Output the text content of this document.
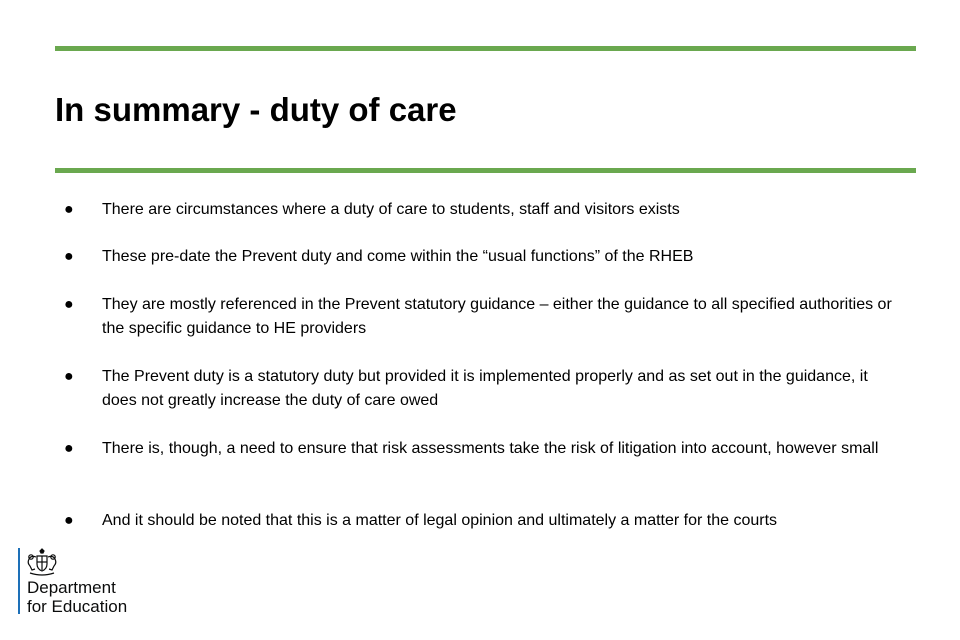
In summary - duty of care
●	There are circumstances where a duty of care to students, staff and visitors exists
●	These pre-date the Prevent duty and come within the “usual functions” of the RHEB
●	They are mostly referenced in the Prevent statutory guidance – either the guidance to all specified authorities or the specific guidance to HE providers
●	The Prevent duty is a statutory duty but provided it is implemented properly and as set out in the guidance, it does not greatly increase the duty of care owed
●	There is, though, a need to ensure that risk assessments take the risk of litigation into account, however small
●	And it should be noted that this is a matter of legal opinion and ultimately a matter for the courts
Department
for Education
